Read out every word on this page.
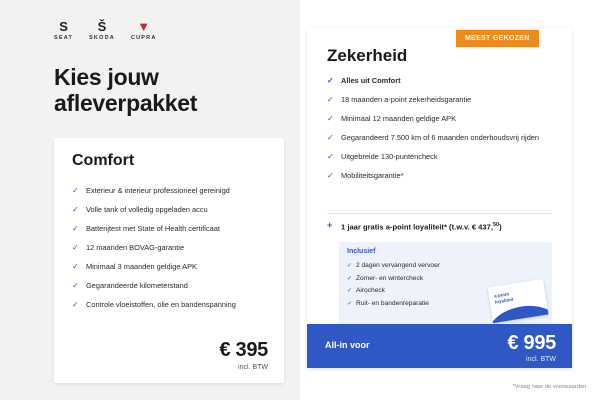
S
SEAT
Š
SKODA
▼
CUPRA
Kies jouw
afleverpakket
Comfort
✓ Exterieur & interieur professioneel gereinigd
✓ Volle tank of volledig opgeladen accu
✓ Batterijtest met State of Health certificaat
✓ 12 maanden BOVAG-garantie
✓ Minimaal 3 maanden geldige APK
✓ Gegarandeerde kilometerstand
✓ Controle vloeistoffen, olie en bandenspanning
€ 395
incl. BTW
MEEST GEKOZEN
Zekerheid
✓ Alles uit Comfort
✓ 18 maanden a-point zekerheidsgarantie
✓ Minimaal 12 maanden geldige APK
✓ Gegarandeerd 7.500 km of 6 maanden onderhoudsvrij rijden
✓ Uitgebreide 130-puntencheck
✓ Mobiliteitsgarantie*
+ 1 jaar gratis a-point loyaliteit* (t.w.v. € 437,50)
Inclusief
✓ 2 dagen vervangend vervoer
✓ Zomer- en wintercheck
✓ Airocheck
✓ Ruit- en bandenreparatie
a-point
loyaliteit
All-in voor	€ 995
incl. BTW
*Vraag naar de voorwaarden.
